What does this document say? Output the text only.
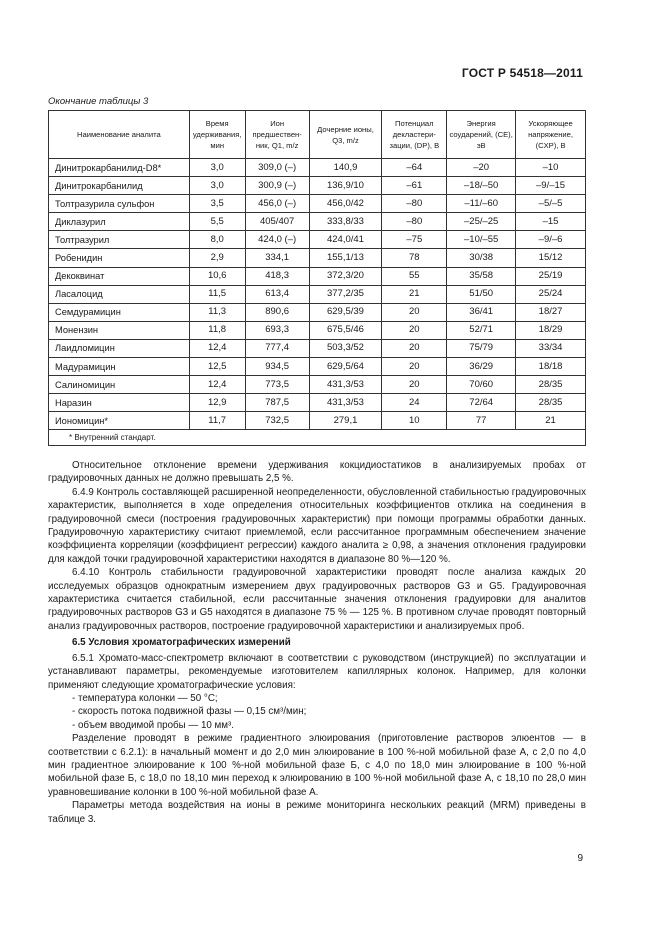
ГОСТ Р 54518—2011
Окончание таблицы 3
Наименование аналита	Время удерживания, мин	Ион предшественник, Q1, m/z	Дочерние ионы, Q3, m/z	Потенциал декластеризации, (DP), В	Энергия соударений, (CE), эВ	Ускоряющее напряжение, (CXP), В
Динитрокарбанилид-D8*	3,0	309,0 (–)	140,9	–64	–20	–10
Динитрокарбанилид	3,0	300,9 (–)	136,9/10	–61	–18/–50	–9/–15
Толтразурила сульфон	3,5	456,0 (–)	456,0/42	–80	–11/–60	–5/–5
Диклазурил	5,5	405/407	333,8/33	–80	–25/–25	–15
Толтразурил	8,0	424,0 (–)	424,0/41	–75	–10/–55	–9/–6
Робенидин	2,9	334,1	155,1/13	78	30/38	15/12
Декоквинат	10,6	418,3	372,3/20	55	35/58	25/19
Ласалоцид	11,5	613,4	377,2/35	21	51/50	25/24
Семдурамицин	11,3	890,6	629,5/39	20	36/41	18/27
Монензин	11,8	693,3	675,5/46	20	52/71	18/29
Лаидломицин	12,4	777,4	503,3/52	20	75/79	33/34
Мадурамицин	12,5	934,5	629,5/64	20	36/29	18/18
Салиномицин	12,4	773,5	431,3/53	20	70/60	28/35
Наразин	12,9	787,5	431,3/53	24	72/64	28/35
Иономицин*	11,7	732,5	279,1	10	77	21
* Внутренний стандарт.						

Относительное отклонение времени удерживания кокцидиостатиков в анализируемых пробах от градуировочных данных не должно превышать 2,5 %.

6.4.9 Контроль составляющей расширенной неопределенности, обусловленной стабильностью градуировочных характеристик, выполняется в ходе определения относительных коэффициентов отклика на соединения в градуировочной смеси (построения градуировочных характеристик) при помощи программы обработки данных. Градуировочную характеристику считают приемлемой, если рассчитанное программным обеспечением значение коэффициента корреляции (коэффициент регрессии) каждого аналита ≥ 0,98, а значения отклонения градуировки для каждой точки градуировочной характеристики находятся в диапазоне 80 %—120 %.

6.4.10 Контроль стабильности градуировочной характеристики проводят после анализа каждых 20 исследуемых образцов однократным измерением двух градуировочных растворов G3 и G5. Градуировочная характеристика считается стабильной, если рассчитанные значения отклонения градуировки для аналитов градуировочных растворов G3 и G5 находятся в диапазоне 75 % — 125 %. В противном случае проводят повторный анализ градуировочных растворов, построение градуировочной характеристики и анализируемых проб.

6.5 Условия хроматографических измерений

6.5.1 Хромато-масс-спектрометр включают в соответствии с руководством (инструкцией) по эксплуатации и устанавливают параметры, рекомендуемые изготовителем капиллярных колонок. Например, для колонки применяют следующие хроматографические условия:

- температура колонки — 50 °С;

- скорость потока подвижной фазы — 0,15 см³/мин;

- объем вводимой пробы — 10 мм³.

Разделение проводят в режиме градиентного элюирования (приготовление растворов элюентов — в соответствии с 6.2.1): в начальный момент и до 2,0 мин элюирование в 100 %-ной мобильной фазе А, с 2,0 по 4,0 мин градиентное элюирование к 100 %-ной мобильной фазе Б, с 4,0 по 18,0 мин элюирование в 100 %-ной мобильной фазе Б, с 18,0 по 18,10 мин переход к элюированию в 100 %-ной мобильной фазе А, с 18,10 по 28,0 мин уравновешивание колонки в 100 %-ной мобильной фазе А.

Параметры метода воздействия на ионы в режиме мониторинга нескольких реакций (MRM) приведены в таблице 3.

9
